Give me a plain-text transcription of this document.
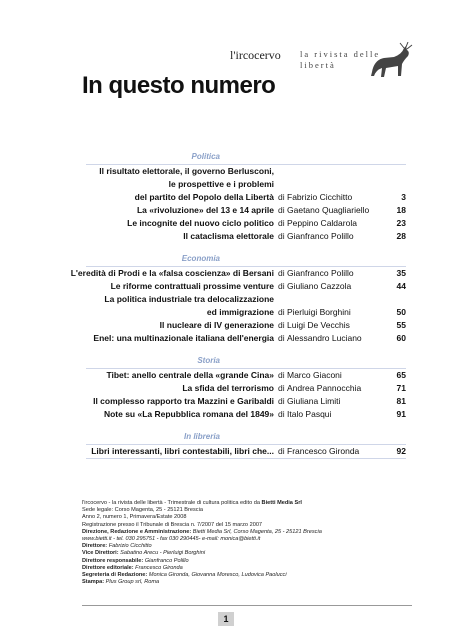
l'ircocervo la rivista delle
libertà
In questo numero
Politica
Il risultato elettorale, il governo Berlusconi,
le prospettive e i problemi
del partito del Popolo della Libertà di Fabrizio Cicchitto	3
La «rivoluzione» del 13 e 14 aprile di Gaetano Quagliariello	18
Le incognite del nuovo ciclo politico di Peppino Caldarola	23
Il cataclisma elettorale di Gianfranco Polillo	28
Economia
L'eredità di Prodi e la «falsa coscienza» di Bersani di Gianfranco Polillo	35
Le riforme contrattuali prossime venture di Giuliano Cazzola	44
La politica industriale tra delocalizzazione
ed immigrazione di Pierluigi Borghini	50
Il nucleare di IV generazione di Luigi De Vecchis	55
Enel: una multinazionale italiana dell'energia di Alessandro Luciano	60
Storia
Tibet: anello centrale della «grande Cina» di Marco Giaconi	65
La sfida del terrorismo di Andrea Pannocchia	71
Il complesso rapporto tra Mazzini e Garibaldi di Giuliana Limiti	81
Note su «La Repubblica romana del 1849» di Italo Pasqui	91
In libreria
Libri interessanti, libri contestabili, libri che... di Francesco Gironda	92
l'ircocervo - la rivista delle libertà - Trimestrale di cultura politica edito da Bietti Media Srl
Sede legale: Corso Magenta, 25 - 25121 Brescia
Anno 2, numero 1, Primavera/Estate 2008
Registrazione presso il Tribunale di Brescia n. 7/2007 del 15 marzo 2007
Direzione, Redazione e Amministrazione: Bietti Media Srl, Corso Magenta, 25 - 25121 Brescia
www.bietti.it - tel. 030 295751 - fax 030 290445- e-mail: monica@bietti.it
Direttore: Fabrizio Cicchitto
Vice Direttori: Sabatino Arecu - Pierluigi Borghini
Direttore responsabile: Gianfranco Polillo
Direttore editoriale: Francesco Gironda
Segreteria di Redazione: Monica Gironda, Giovanna Moresco, Ludovica Paolucci
Stampa: Plus Group srl, Roma
1
